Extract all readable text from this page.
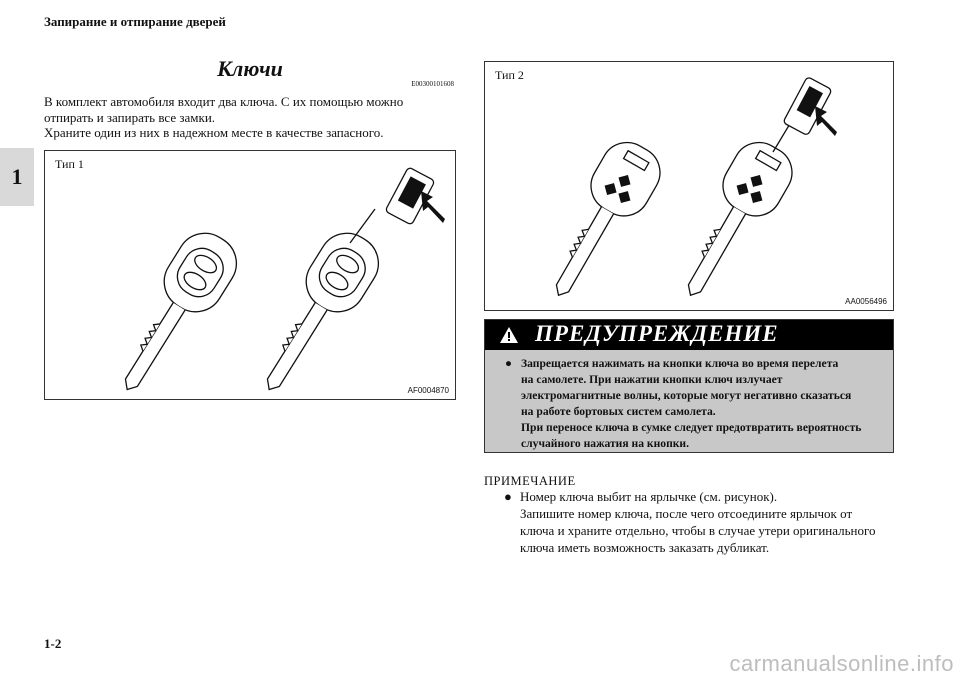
Запирание и отпирание дверей
1
Ключи
E00300101608

В комплект автомобиля входит два ключа. С их помощью можно

отпирать и запирать все замки.

Храните один из них в надежном месте в качестве запасного.

Тип 1
AF0004870
Тип 2
AA0056496
ПРЕДУПРЕЖДЕНИЕ
● Запрещается нажимать на кнопки ключа во время перелета
на самолете. При нажатии кнопки ключ излучает
электромагнитные волны, которые могут негативно сказаться
на работе бортовых систем самолета.
При переносе ключа в сумке следует предотвратить вероятность
случайного нажатия на кнопки.
ПРИМЕЧАНИЕ
● Номер ключа выбит на ярлычке (см. рисунок).
Запишите номер ключа, после чего отсоедините ярлычок от
ключа и храните отдельно, чтобы в случае утери оригинального
ключа иметь возможность заказать дубликат.
1-2
carmanualsonline.info
